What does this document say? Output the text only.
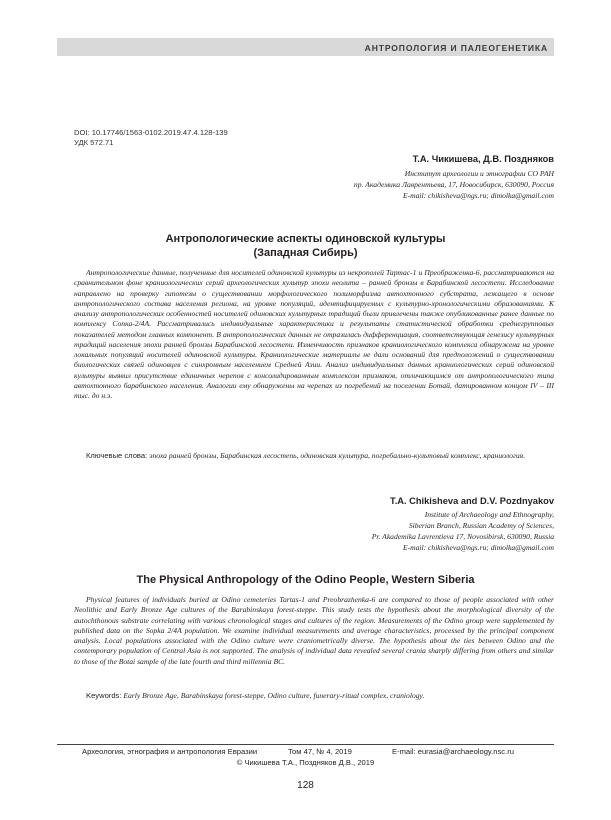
АНТРОПОЛОГИЯ И ПАЛЕОГЕНЕТИКА
DOI: 10.17746/1563-0102.2019.47.4.128-139
УДК 572.71
Т.А. Чикишева, Д.В. Поздняков
Институт археологии и этнографии СО РАН
пр. Академика Лаврентьева, 17, Новосибирск, 630090, Россия
E-mail: chikisheva@ngs.ru; dimolka@gmail.com
Антропологические аспекты одиновской культуры
(Западная Сибирь)

Антропологические данные, полученные для носителей одиновской культуры из некрополей Тартас-1 и Преображенка-6, рассматриваются на сравнительном фоне краниологических серий археологических культур эпохи неолита – ранней бронзы в Барабинской лесостепи. Исследование направлено на проверку гипотезы о существовании морфологического полиморфизма автохтонного субстрата, лежащего в основе антропологического состава населения региона, на уровне популяций, идентифицируемых с культурно-хронологическими образованиями. К анализу антропологических особенностей носителей одиновских культурных традиций были привлечены также опубликованные ранее данные по комплексу Сопка-2/4А. Рассматривались индивидуальные характеристики и результаты статистической обработки среднегрупповых показателей методом главных компонент. В антропологических данных не отразилась дифференциация, соответствующая генезису культурных традиций населения эпохи ранней бронзы Барабинской лесостепи. Изменчивость признаков краниологического комплекса обнаружена на уровне локальных популяций носителей одиновской культуры. Краниологические материалы не дали оснований для предположений о существовании биологических связей одиновцев с синхронным населением Средней Азии. Анализ индивидуальных данных краниологических серий одиновской культуры выявил присутствие единичных черепов с консолидированным комплексом признаков, отличающимся от антропологического типа автохтонного барабинского населения. Аналогии ему обнаружены на черепах из погребений на поселении Ботай, датированном концом IV – III тыс. до н.э.

Ключевые слова: эпоха ранней бронзы, Барабинская лесостепь, одиновская культура, погребально-культовый комплекс, краниология.

T.A. Chikisheva and D.V. Pozdnyakov
Institute of Archaeology and Ethnography,
Siberian Branch, Russian Academy of Sciences,
Pr. Akademika Lavrentieva 17, Novosibirsk, 630090, Russia
E-mail: chikisheva@ngs.ru; dimolka@gmail.com
The Physical Anthropology of the Odino People, Western Siberia

Physical features of individuals buried at Odino cemeteries Tartas-1 and Preobrazhenka-6 are compared to those of people associated with other Neolithic and Early Bronze Age cultures of the Barabinskaya forest-steppe. This study tests the hypothesis about the morphological diversity of the autochthonous substrate correlating with various chronological stages and cultures of the region. Measurements of the Odino group were supplemented by published data on the Sopka 2/4A population. We examine individual measurements and average characteristics, processed by the principal component analysis. Local populations associated with the Odino culture were craniometrically diverse. The hypothesis about the ties between Odino and the contemporary population of Central Asia is not supported. The analysis of individual data revealed several crania sharply differing from others and similar to those of the Botai sample of the late fourth and third millennia BC.

Keywords: Early Bronze Age, Barabinskaya forest-steppe, Odino culture, funerary-ritual complex, craniology.

Археология, этнография и антропология Евразии	Том 47, № 4, 2019	E-mail: eurasia@archaeology.nsc.ru
© Чикишева Т.А., Поздняков Д.В., 2019
128
